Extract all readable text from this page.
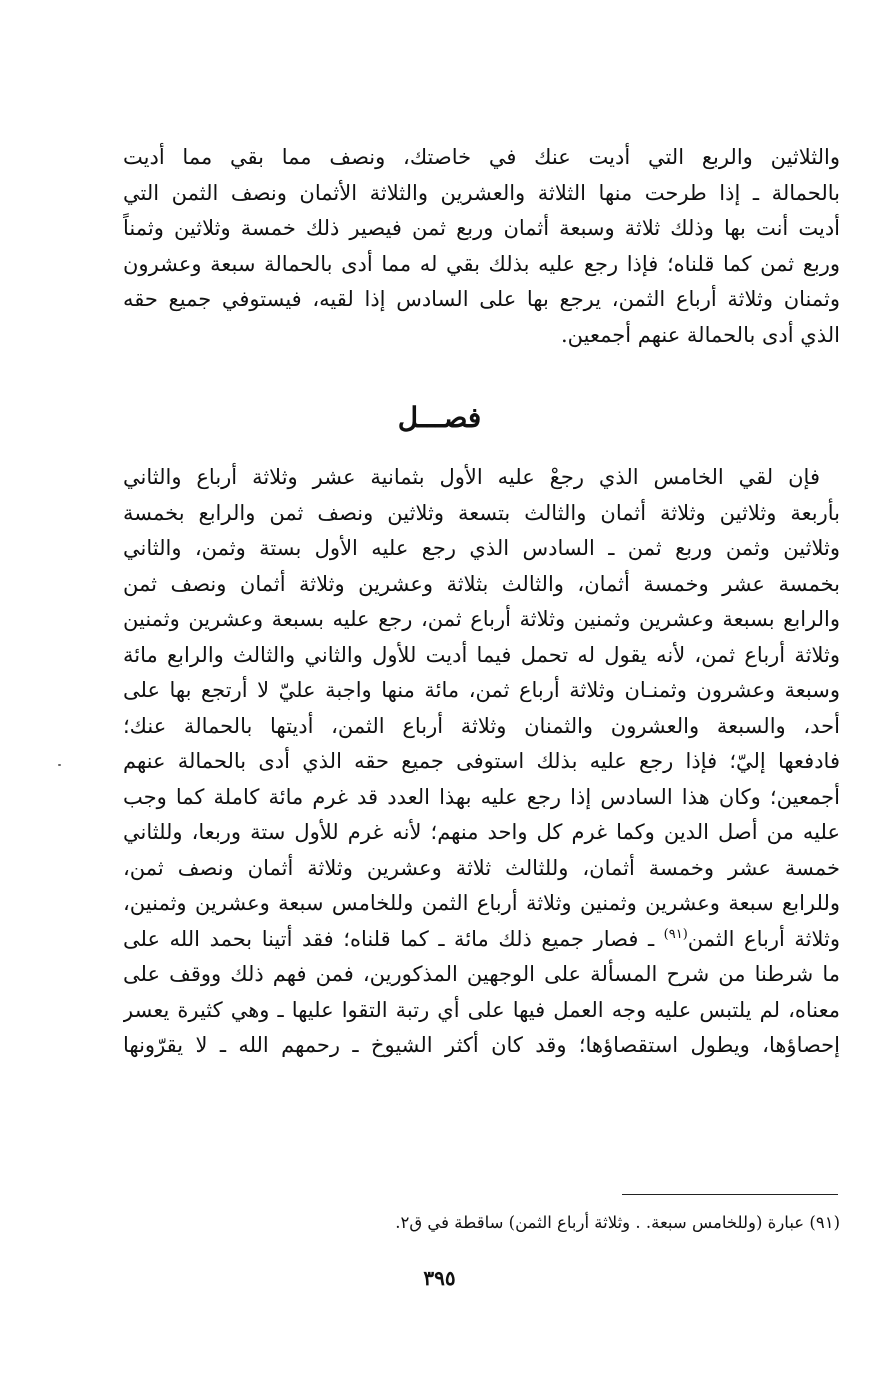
والثلاثين والربع التي أديت عنك في خاصتك، ونصف مما بقي مما أديت
بالحمالة ـ إذا طرحت منها الثلاثة والعشرين والثلاثة الأثمان ونصف الثمن التي
أديت أنت بها وذلك ثلاثة وسبعة أثمان وربع ثمن فيصير ذلك خمسة وثلاثين وثمناً
وربع ثمن كما قلناه؛ فإذا رجع عليه بذلك بقي له مما أدى بالحمالة سبعة وعشرون
وثمنان وثلاثة أرباع الثمن، يرجع بها على السادس إذا لقيه، فيستوفي جميع حقه
الذي أدى بالحمالة عنهم أجمعين.
فصـــل
فإن لقي الخامس الذي رجعْ عليه الأول بثمانية عشر وثلاثة أرباع والثاني
بأربعة وثلاثين وثلاثة أثمان والثالث بتسعة وثلاثين ونصف ثمن والرابع بخمسة
وثلاثين وثمن وربع ثمن ـ السادس الذي رجع عليه الأول بستة وثمن، والثاني
بخمسة عشر وخمسة أثمان، والثالث بثلاثة وعشرين وثلاثة أثمان ونصف ثمن
والرابع بسبعة وعشرين وثمنين وثلاثة أرباع ثمن، رجع عليه بسبعة وعشرين وثمنين
وثلاثة أرباع ثمن، لأنه يقول له تحمل فيما أديت للأول والثاني والثالث والرابع مائة
وسبعة وعشرون وثمنـان وثلاثة أرباع ثمن، مائة منها واجبة عليّ لا أرتجع بها على
أحد، والسبعة والعشرون والثمنان وثلاثة أرباع الثمن، أديتها بالحمالة عنك؛
فادفعها إليّ؛ فإذا رجع عليه بذلك استوفى جميع حقه الذي أدى بالحمالة عنهم
أجمعين؛ وكان هذا السادس إذا رجع عليه بهذا العدد قد غرم مائة كاملة كما وجب
عليه من أصل الدين وكما غرم كل واحد منهم؛ لأنه غرم للأول ستة وربعا، وللثاني
خمسة عشر وخمسة أثمان، وللثالث ثلاثة وعشرين وثلاثة أثمان ونصف ثمن،
وللرابع سبعة وعشرين وثمنين وثلاثة أرباع الثمن وللخامس سبعة وعشرين وثمنين،
وثلاثة أرباع الثمن$^{(٩١)}$ ـ فصار جميع ذلك مائة ـ كما قلناه؛ فقد أتينا بحمد الله على
ما شرطنا من شرح المسألة على الوجهين المذكورين، فمن فهم ذلك ووقف على
معناه، لم يلتبس عليه وجه العمل فيها على أي رتبة التقوا عليها ـ وهي كثيرة يعسر
إحصاؤها، ويطول استقصاؤها؛ وقد كان أكثر الشيوخ ـ رحمهم الله ـ لا يقرّونها
(٩١) عبارة (وللخامس سبعة. . وثلاثة أرباع الثمن) ساقطة في ق٢.
٣٩٥
